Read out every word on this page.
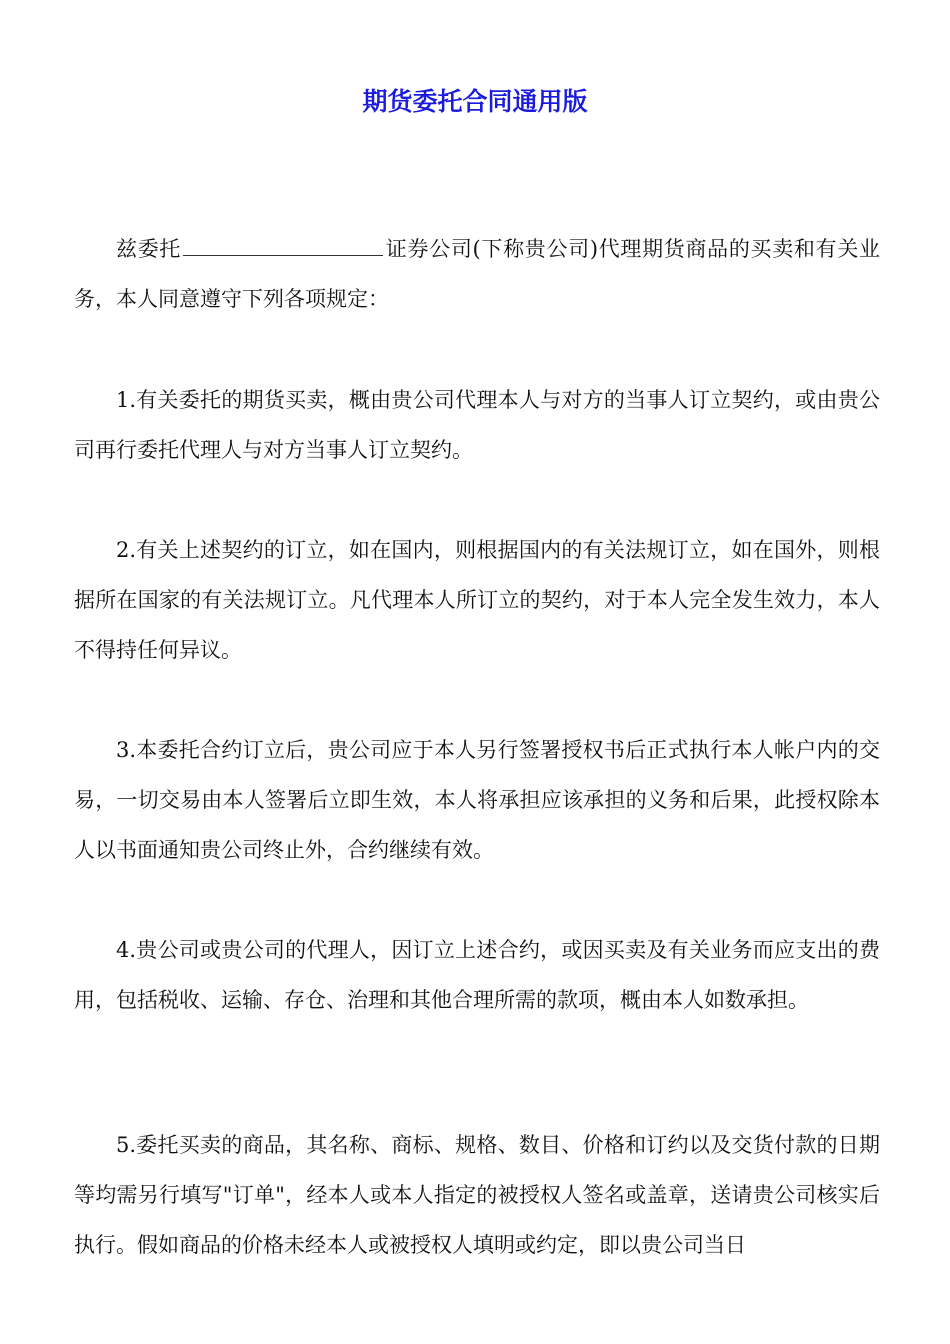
期货委托合同通用版

兹委托	证券公司(下称贵公司)代理期货商品的买卖和有关业务，本人同意遵守下列各项规定：

1.有关委托的期货买卖，概由贵公司代理本人与对方的当事人订立契约，或由贵公司再行委托代理人与对方当事人订立契约。

2.有关上述契约的订立，如在国内，则根据国内的有关法规订立，如在国外，则根据所在国家的有关法规订立。凡代理本人所订立的契约，对于本人完全发生效力，本人不得持任何异议。

3.本委托合约订立后，贵公司应于本人另行签署授权书后正式执行本人帐户内的交易，一切交易由本人签署后立即生效，本人将承担应该承担的义务和后果，此授权除本人以书面通知贵公司终止外，合约继续有效。

4.贵公司或贵公司的代理人，因订立上述合约，或因买卖及有关业务而应支出的费用，包括税收、运输、存仓、治理和其他合理所需的款项，概由本人如数承担。

5.委托买卖的商品，其名称、商标、规格、数目、价格和订约以及交货付款的日期等均需另行填写"订单"，经本人或本人指定的被授权人签名或盖章，送请贵公司核实后执行。假如商品的价格未经本人或被授权人填明或约定，即以贵公司当日
